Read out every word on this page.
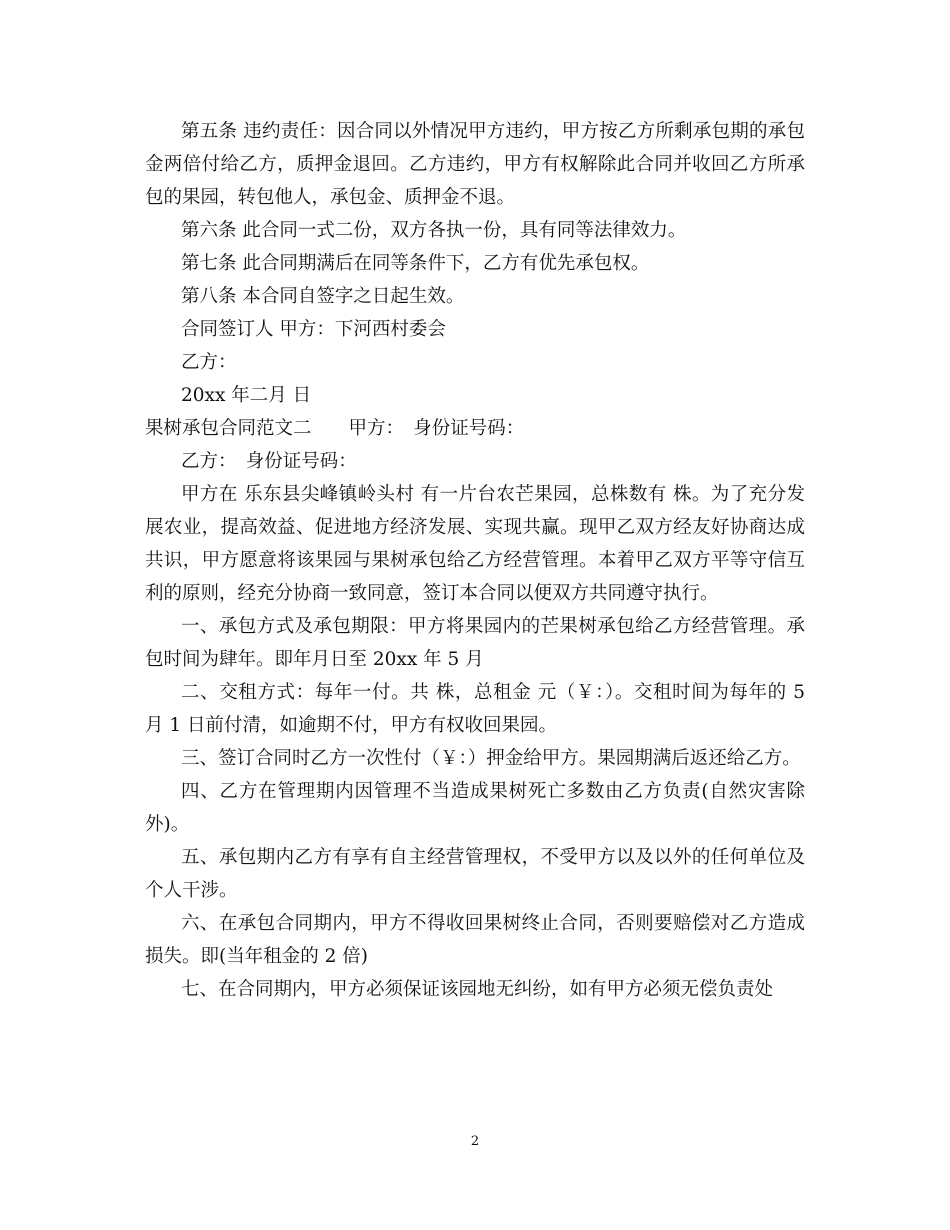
第五条 违约责任：因合同以外情况甲方违约，甲方按乙方所剩承包期的承包金两倍付给乙方，质押金退回。乙方违约，甲方有权解除此合同并收回乙方所承包的果园，转包他人，承包金、质押金不退。

第六条 此合同一式二份，双方各执一份，具有同等法律效力。

第七条 此合同期满后在同等条件下，乙方有优先承包权。

第八条 本合同自签字之日起生效。

合同签订人 甲方：下河西村委会

乙方：

20xx 年二月 日

果树承包合同范文二　　甲方：　身份证号码：

乙方：　身份证号码：

甲方在 乐东县尖峰镇岭头村 有一片台农芒果园，总株数有 株。为了充分发展农业，提高效益、促进地方经济发展、实现共赢。现甲乙双方经友好协商达成共识，甲方愿意将该果园与果树承包给乙方经营管理。本着甲乙双方平等守信互利的原则，经充分协商一致同意，签订本合同以便双方共同遵守执行。

一、承包方式及承包期限：甲方将果园内的芒果树承包给乙方经营管理。承包时间为肆年。即年月日至 20xx 年 5 月

二、交租方式：每年一付。共 株，总租金 元（￥：）。交租时间为每年的 5 月 1 日前付清，如逾期不付，甲方有权收回果园。

三、签订合同时乙方一次性付（￥：）押金给甲方。果园期满后返还给乙方。

四、乙方在管理期内因管理不当造成果树死亡多数由乙方负责(自然灾害除外)。

五、承包期内乙方有享有自主经营管理权，不受甲方以及以外的任何单位及个人干涉。

六、在承包合同期内，甲方不得收回果树终止合同，否则要赔偿对乙方造成损失。即(当年租金的 2 倍)

七、在合同期内，甲方必须保证该园地无纠纷，如有甲方必须无偿负责处

2
